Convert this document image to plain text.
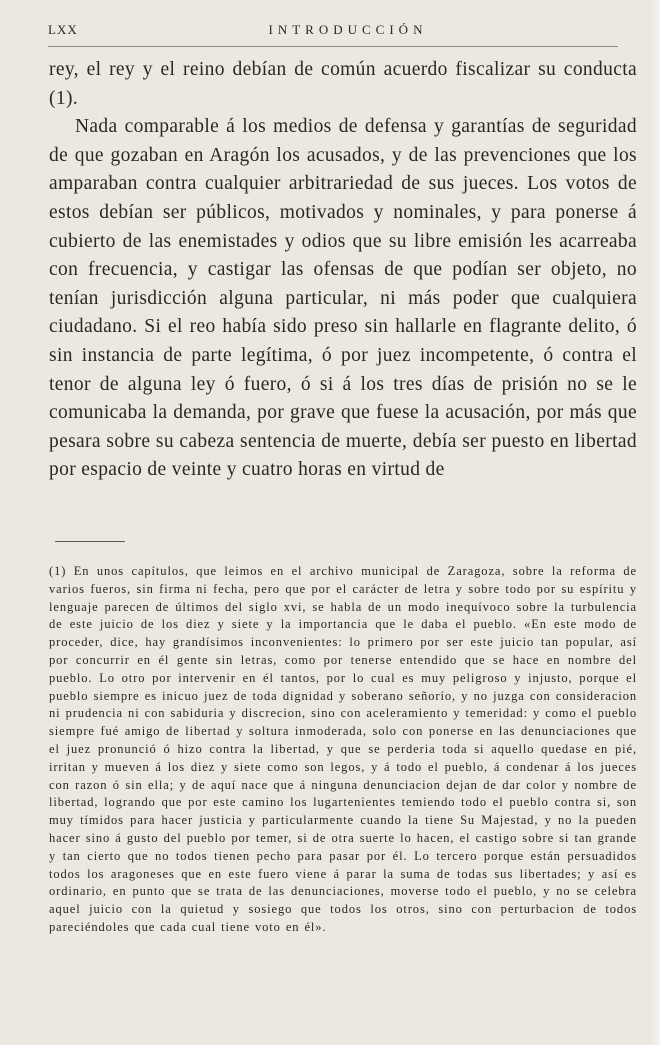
LXX	INTRODUCCIÓN

rey, el rey y el reino debían de común acuerdo fiscalizar su conducta (1).

Nada comparable á los medios de defensa y garantías de seguridad de que gozaban en Aragón los acusados, y de las prevenciones que los amparaban contra cualquier arbitrariedad de sus jueces. Los votos de estos debían ser públicos, motivados y nominales, y para ponerse á cubierto de las enemistades y odios que su libre emisión les acarreaba con frecuencia, y castigar las ofensas de que podían ser objeto, no tenían jurisdicción alguna particular, ni más poder que cualquiera ciudadano. Si el reo había sido preso sin hallarle en flagrante delito, ó sin instancia de parte legítima, ó por juez incompetente, ó contra el tenor de alguna ley ó fuero, ó si á los tres días de prisión no se le comunicaba la demanda, por grave que fuese la acusación, por más que pesara sobre su cabeza sentencia de muerte, debía ser puesto en libertad por espacio de veinte y cuatro horas en virtud de

(1) En unos capítulos, que leimos en el archivo municipal de Zaragoza, sobre la reforma de varios fueros, sin firma ni fecha, pero que por el carácter de letra y sobre todo por su espíritu y lenguaje parecen de últimos del siglo xvi, se habla de un modo inequívoco sobre la turbulencia de este juicio de los diez y siete y la importancia que le daba el pueblo. «En este modo de proceder, dice, hay grandísimos inconvenientes: lo primero por ser este juicio tan popular, así por concurrir en él gente sin letras, como por tenerse entendido que se hace en nombre del pueblo. Lo otro por intervenir en él tantos, por lo cual es muy peligroso y injusto, porque el pueblo siempre es inicuo juez de toda dignidad y soberano señorío, y no juzga con consideracion ni prudencia ni con sabiduria y discrecion, sino con aceleramiento y temeridad: y como el pueblo siempre fué amigo de libertad y soltura inmoderada, solo con ponerse en las denunciaciones que el juez pronunció ó hizo contra la libertad, y que se perderia toda si aquello quedase en pié, irritan y mueven á los diez y siete como son legos, y á todo el pueblo, á condenar á los jueces con razon ó sin ella; y de aquí nace que á ninguna denunciacion dejan de dar color y nombre de libertad, logrando que por este camino los lugartenientes temiendo todo el pueblo contra si, son muy tímidos para hacer justicia y particularmente cuando la tiene Su Majestad, y no la pueden hacer sino á gusto del pueblo por temer, si de otra suerte lo hacen, el castigo sobre si tan grande y tan cierto que no todos tienen pecho para pasar por él. Lo tercero porque están persuadidos todos los aragoneses que en este fuero viene á parar la suma de todas sus libertades; y así es ordinario, en punto que se trata de las denunciaciones, moverse todo el pueblo, y no se celebra aquel juicio con la quietud y sosiego que todos los otros, sino con perturbacion de todos pareciéndoles que cada cual tiene voto en él».
